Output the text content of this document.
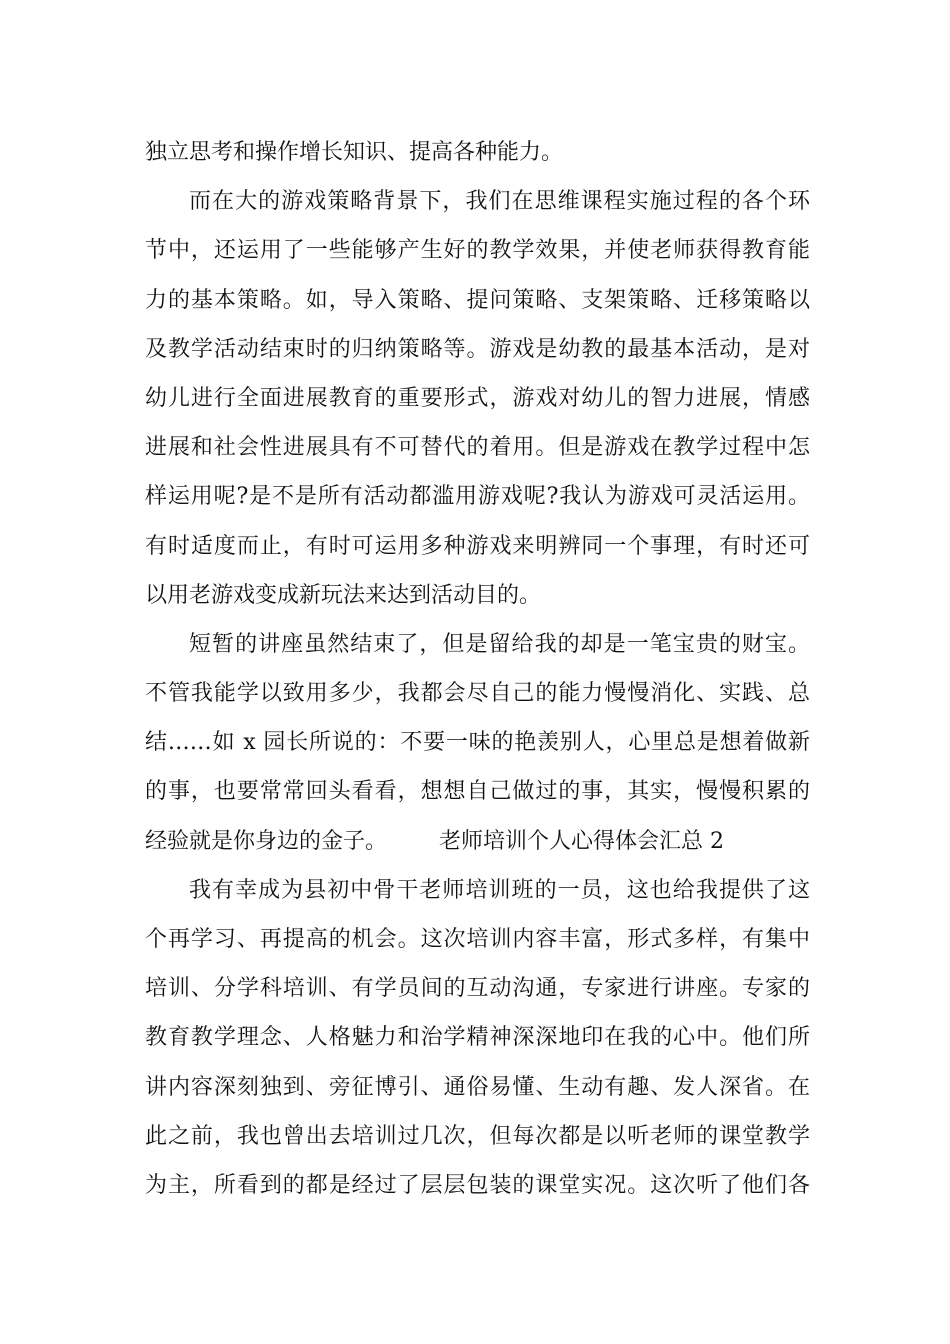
独立思考和操作增长知识、提高各种能力。
而在大的游戏策略背景下，我们在思维课程实施过程的各个环
节中，还运用了一些能够产生好的教学效果，并使老师获得教育能
力的基本策略。如，导入策略、提问策略、支架策略、迁移策略以
及教学活动结束时的归纳策略等。游戏是幼教的最基本活动，是对
幼儿进行全面进展教育的重要形式，游戏对幼儿的智力进展，情感
进展和社会性进展具有不可替代的着用。但是游戏在教学过程中怎
样运用呢?是不是所有活动都滥用游戏呢?我认为游戏可灵活运用。
有时适度而止，有时可运用多种游戏来明辨同一个事理，有时还可
以用老游戏变成新玩法来达到活动目的。
短暂的讲座虽然结束了，但是留给我的却是一笔宝贵的财宝。
不管我能学以致用多少，我都会尽自己的能力慢慢消化、实践、总
结……如 x 园长所说的：不要一味的艳羡别人，心里总是想着做新
的事，也要常常回头看看，想想自己做过的事，其实，慢慢积累的
经验就是你身边的金子。 老师培训个人心得体会汇总 2
我有幸成为县初中骨干老师培训班的一员，这也给我提供了这
个再学习、再提高的机会。这次培训内容丰富，形式多样，有集中
培训、分学科培训、有学员间的互动沟通，专家进行讲座。专家的
教育教学理念、人格魅力和治学精神深深地印在我的心中。他们所
讲内容深刻独到、旁征博引、通俗易懂、生动有趣、发人深省。在
此之前，我也曾出去培训过几次，但每次都是以听老师的课堂教学
为主，所看到的都是经过了层层包装的课堂实况。这次听了他们各
